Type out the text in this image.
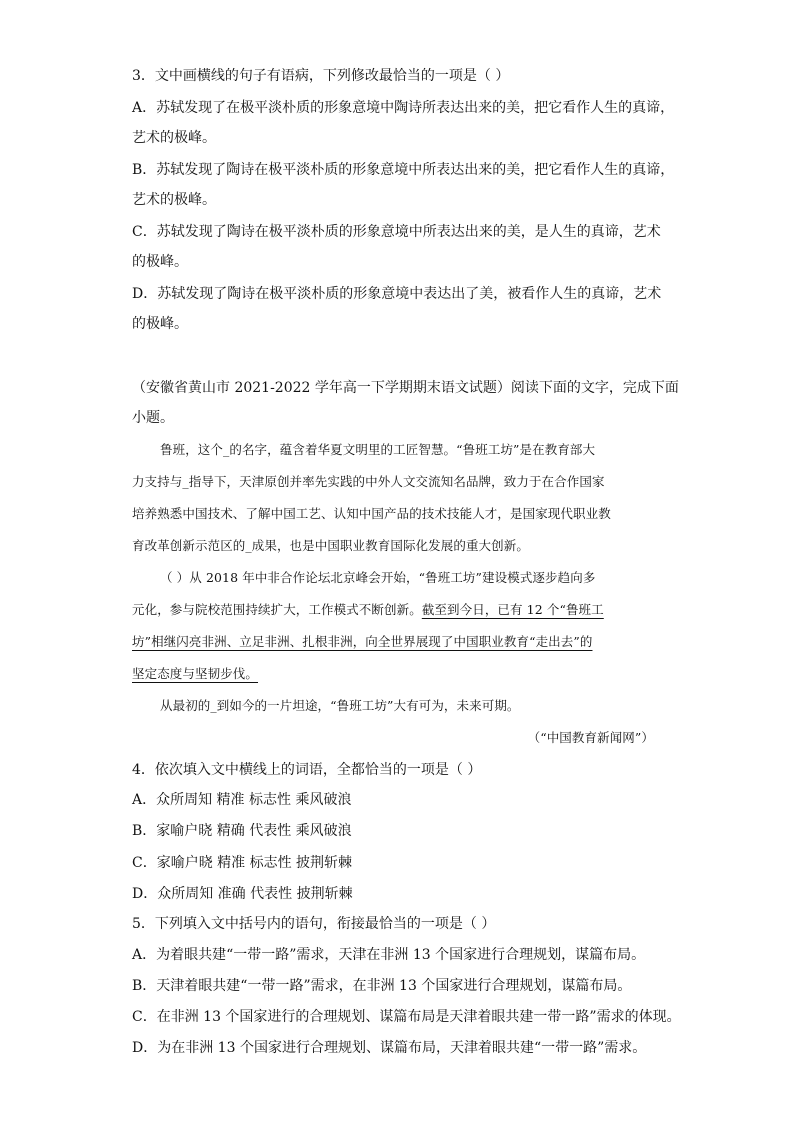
3．文中画横线的句子有语病，下列修改最恰当的一项是（ ）
A．苏轼发现了在极平淡朴质的形象意境中陶诗所表达出来的美，把它看作人生的真谛，
艺术的极峰。
B．苏轼发现了陶诗在极平淡朴质的形象意境中所表达出来的美，把它看作人生的真谛，
艺术的极峰。
C．苏轼发现了陶诗在极平淡朴质的形象意境中所表达出来的美，是人生的真谛，艺术
的极峰。
D．苏轼发现了陶诗在极平淡朴质的形象意境中表达出了美，被看作人生的真谛，艺术
的极峰。
（安徽省黄山市 2021-2022 学年高一下学期期末语文试题）阅读下面的文字，完成下面
小题。
鲁班，这个_的名字，蕴含着华夏文明里的工匠智慧。“鲁班工坊”是在教育部大
力支持与_指导下，天津原创并率先实践的中外人文交流知名品牌，致力于在合作国家
培养熟悉中国技术、了解中国工艺、认知中国产品的技术技能人才，是国家现代职业教
育改革创新示范区的_成果，也是中国职业教育国际化发展的重大创新。
（ ）从 2018 年中非合作论坛北京峰会开始，“鲁班工坊”建设模式逐步趋向多
元化，参与院校范围持续扩大，工作模式不断创新。截至到今日，已有 12 个“鲁班工
坊”相继闪亮非洲、立足非洲、扎根非洲，向全世界展现了中国职业教育“走出去”的
坚定态度与坚韧步伐。
从最初的_到如今的一片坦途，“鲁班工坊”大有可为，未来可期。
（“中国教育新闻网”）
4．依次填入文中横线上的词语，全都恰当的一项是（ ）
A．众所周知 精准 标志性 乘风破浪
B．家喻户晓 精确 代表性 乘风破浪
C．家喻户晓 精准 标志性 披荆斩棘
D．众所周知 准确 代表性 披荆斩棘
5．下列填入文中括号内的语句，衔接最恰当的一项是（ ）
A．为着眼共建“一带一路”需求，天津在非洲 13 个国家进行合理规划，谋篇布局。
B．天津着眼共建“一带一路”需求，在非洲 13 个国家进行合理规划，谋篇布局。
C．在非洲 13 个国家进行的合理规划、谋篇布局是天津着眼共建一带一路”需求的体现。
D．为在非洲 13 个国家进行合理规划、谋篇布局，天津着眼共建“一带一路”需求。
